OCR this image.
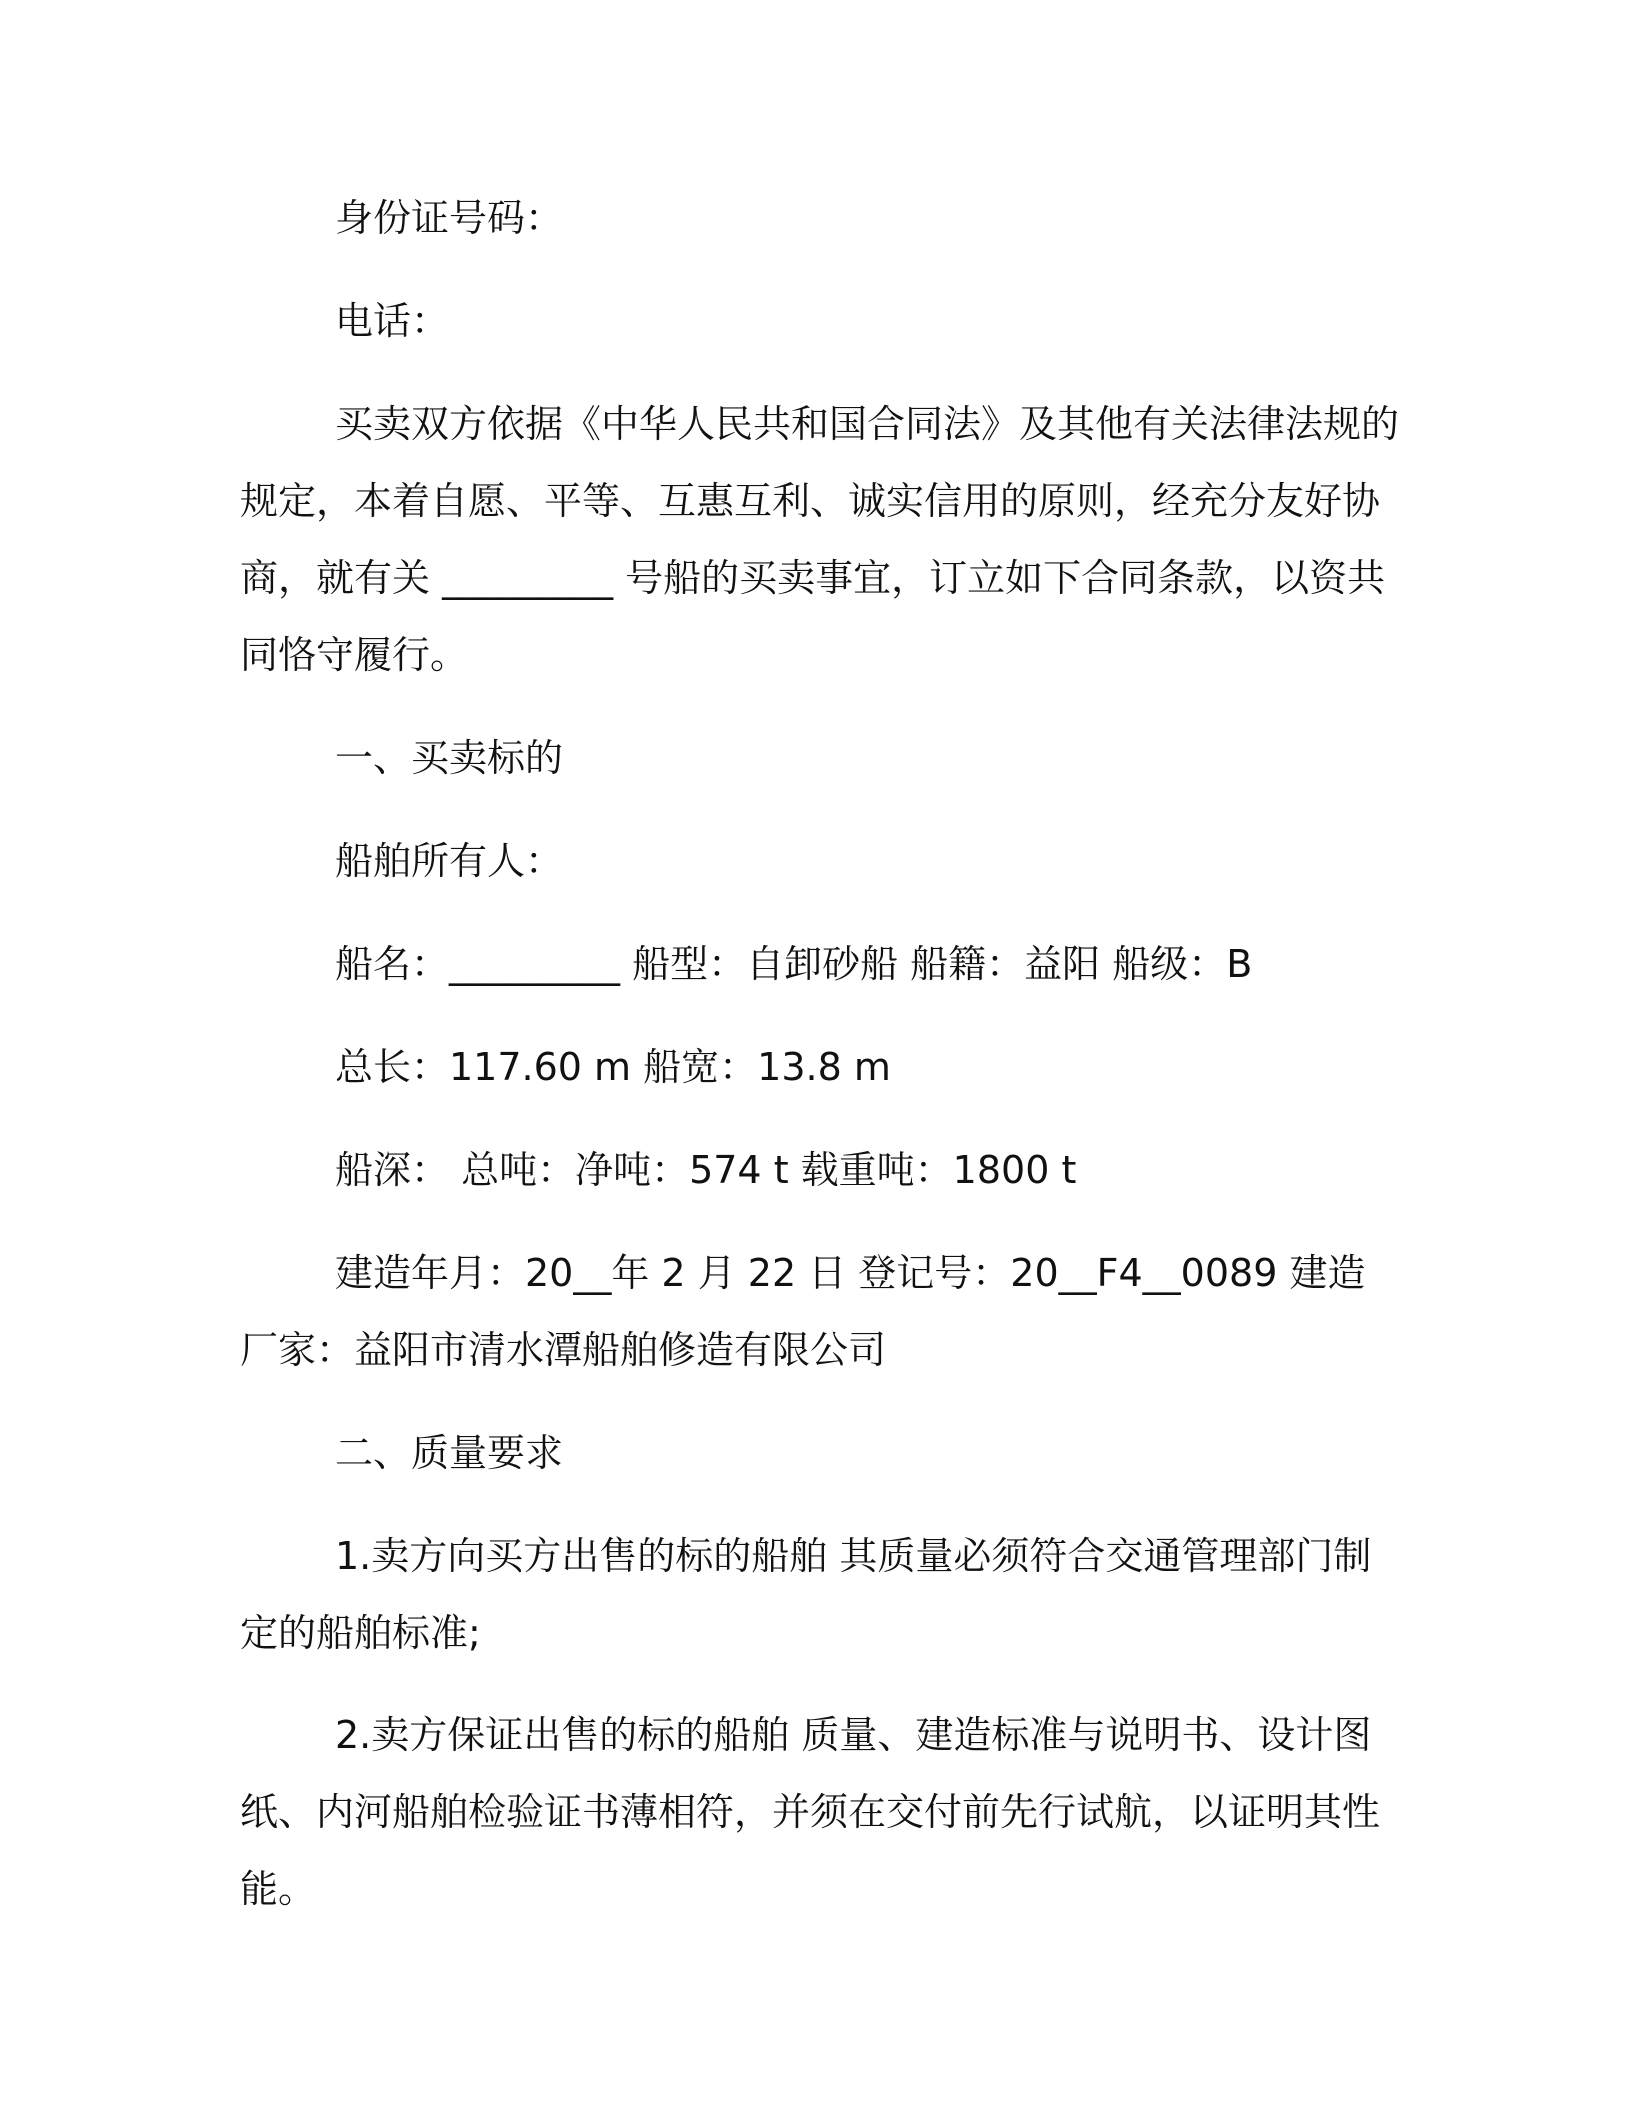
身份证号码：

电话：

买卖双方依据《中华人民共和国合同法》及其他有关法律法规的规定，本着自愿、平等、互惠互利、诚实信用的原则，经充分友好协商，就有关 _________ 号船的买卖事宜，订立如下合同条款，以资共同恪守履行。

一、买卖标的

船舶所有人：

船名：_________ 船型：自卸砂船 船籍：益阳 船级：B

总长：117.60 m 船宽：13.8 m

船深： 总吨：净吨：574 t 载重吨：1800 t

建造年月：20__年 2 月 22 日 登记号：20__F4__0089 建造厂家：益阳市清水潭船舶修造有限公司

二、质量要求

1.卖方向买方出售的标的船舶 其质量必须符合交通管理部门制定的船舶标准;

2.卖方保证出售的标的船舶 质量、建造标准与说明书、设计图纸、内河船舶检验证书薄相符，并须在交付前先行试航，以证明其性能。
